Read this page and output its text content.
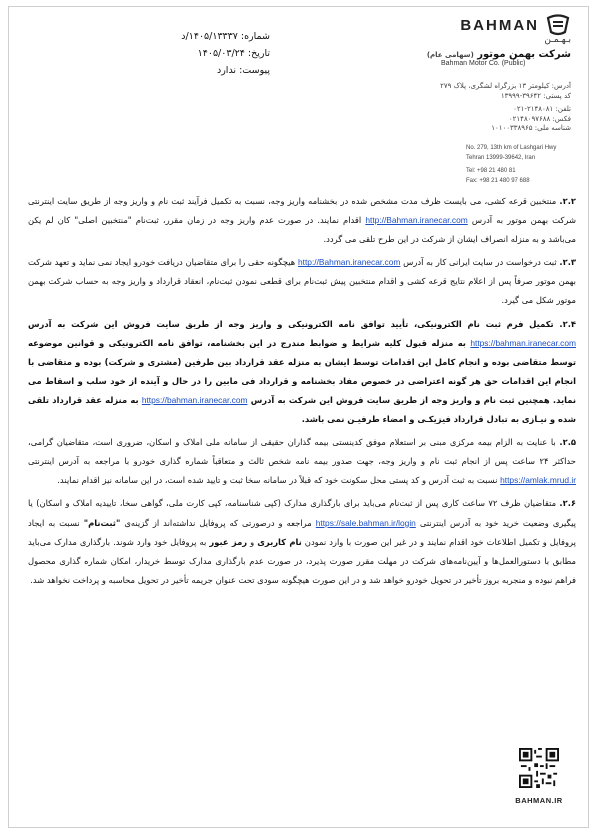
BAHMAN
بـهـمـن
شرکت بهمن موتور (سهامی عام)
Bahman Motor Co. (Public)
آدرس: کیلومتر ۱۳ بزرگراه لشگری، پلاک ۲۷۹
کد پستی: ۳۹۶۴۲-۱۳۹۹۹
تلفن: ۲۱۴۸۰۸۱-۰۲۱
فکس: ۰۲۱۴۸۰۹۷۶۸۸
شناسه ملی: ۱۰۱۰۰۳۳۸۹۶۵
No. 279, 13th km of Lashgari Hwy
Tehran 13999-39642, Iran
Tel: +98 21 480 81
Fax: +98 21 480 97 688
شماره: ۱۴۰۵/۱۳۳۳۷/د
تاریخ: ۱۴۰۵/۰۳/۲۴
پیوست: ندارد

۲.۲. منتخبین قرعه کشی، می بایست ظرف مدت مشخص شده در بخشنامه واریز وجه، نسبت به تکمیل فرآیند ثبت نام و واریز وجه از طریق سایت اینترنتی شرکت بهمن موتور به آدرس http://Bahman.iranecar.com اقدام نمایند. در صورت عدم واریز وجه در زمان مقرر، ثبت‌نام "منتخبین اصلی" کان لم یکن می‌باشد و به منزله انصراف ایشان از شرکت در این طرح تلقی می گردد.

۲.۳. ثبت درخواست در سایت ایرانی کار به آدرس http://Bahman.iranecar.com هیچگونه حقی را برای متقاضیان دریافت خودرو ایجاد نمی نماید و تعهد شرکت بهمن موتور صرفاً پس از اعلام نتایج قرعه کشی و اقدام منتخبین پیش ثبت‌نام برای قطعی نمودن ثبت‌نام، انعقاد قرارداد و واریز وجه به حساب شرکت بهمن موتور شکل می گیرد.

۲.۴. تکمیل فرم ثبت نام الکترونیکی، تأیید توافق نامه الکترونیکی و واریز وجه از طریق سایت فروش این شرکت به آدرس https://bahman.iranecar.com به منزله قبول کلیه شرایط و ضوابط مندرج در این بخشنامه، توافق نامه الکترونیکی و قوانین موضوعه توسط متقاضی بوده و انجام کامل این اقدامات توسط ایشان به منزله عقد قرارداد بین طرفین (مشتری و شرکت) بوده و متقاضی با انجام این اقدامات حق هر گونه اعتراضی در خصوص مفاد بخشنامه و قرارداد فی مابین را در حال و آینده از خود سلب و اسقاط می نماید. همچنین ثبت نام و واریز وجه از طریق سایت فروش این شرکت به آدرس https://bahman.iranecar.com به منزله عقد قرارداد تلقی شده و نیـازی به تبادل قرارداد فیزیکـی و امضاء طرفیـن نمی باشد.

۲.۵. با عنایت به الزام بیمه مرکزی مبنی بر استعلام موفق کدینستی بیمه گذاران حقیقی از سامانه ملی املاک و اسکان، ضروری است، متقاضیان گرامی، حداکثر ۲۴ ساعت پس از انجام ثبت نام و واریز وجه، جهت صدور بیمه نامه شخص ثالث و متعاقباً شماره گذاری خودرو با مراجعه به آدرس اینترنتی https://amlak.mrud.ir نسبت به ثبت آدرس و کد پستی محل سکونت خود که قبلاً در سامانه سخا ثبت و تایید شده است، در این سامانه نیز اقدام نمایند.

۲.۶. متقاضیان ظرف ۷۲ ساعت کاری پس از ثبت‌نام می‌باید برای بارگذاری مدارک (کپی شناسنامه، کپی کارت ملی، گواهی سخا، تاییدیه املاک و اسکان) یا پیگیری وضعیت خرید خود به آدرس اینترنتی https://sale.bahman.ir/login مراجعه و درصورتی که پروفایل نداشته‌اند از گزینه‌ی "ثبت‌نام" نسبت به ایجاد پروفایل و تکمیل اطلاعات خود اقدام نمایند و در غیر این صورت با وارد نمودن نام کاربری و رمز عبور به پروفایل خود وارد شوند. بارگذاری مدارک می‌باید مطابق با دستورالعمل‌ها و آیین‌نامه‌های شرکت در مهلت مقرر صورت پذیرد، در صورت عدم بارگذاری مدارک توسط خریدار، امکان شماره گذاری محصول فراهم نبوده و منجربه بروز تأخیر در تحویل خودرو خواهد شد و در این صورت هیچگونه سودی تحت عنوان جریمه تأخیر در تحویل محاسبه و پرداخت نخواهد شد.

BAHMAN.IR
